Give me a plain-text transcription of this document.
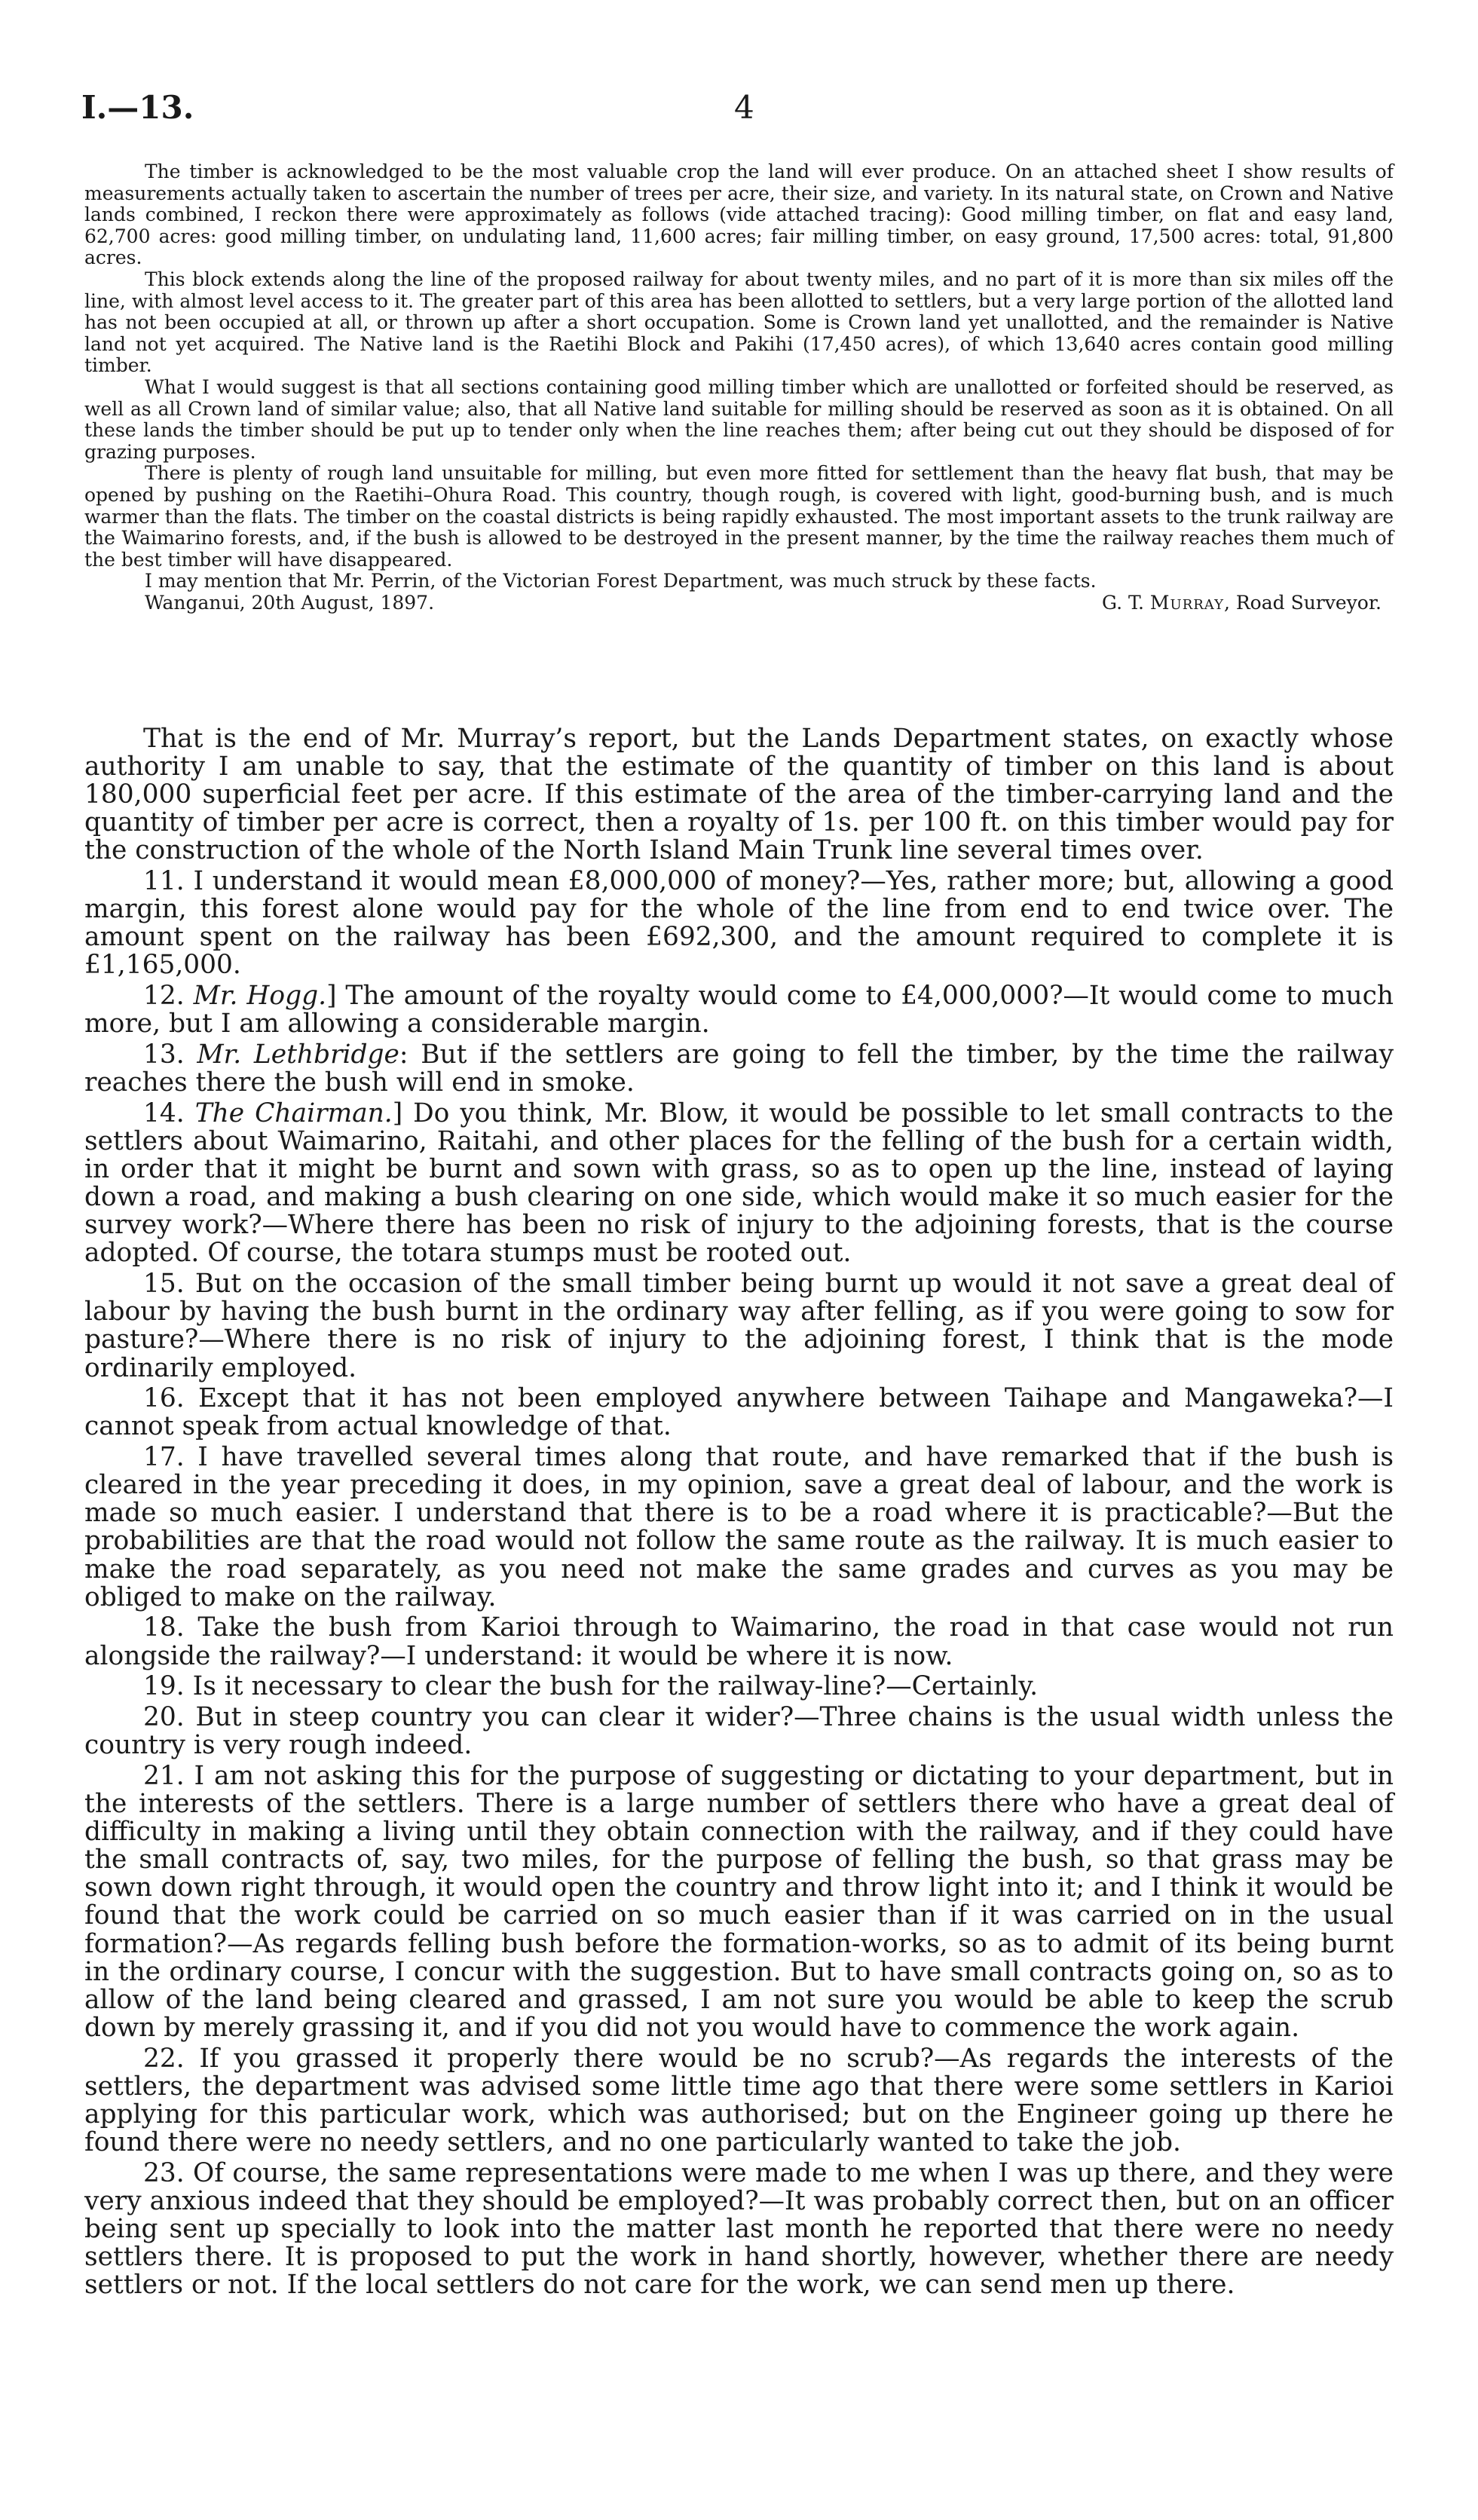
I.—13.	4

The timber is acknowledged to be the most valuable crop the land will ever produce. On an attached sheet I show results of measurements actually taken to ascertain the number of trees per acre, their size, and variety. In its natural state, on Crown and Native lands combined, I reckon there were approximately as follows (vide attached tracing): Good milling timber, on flat and easy land, 62,700 acres: good milling timber, on undulating land, 11,600 acres; fair milling timber, on easy ground, 17,500 acres: total, 91,800 acres.

This block extends along the line of the proposed railway for about twenty miles, and no part of it is more than six miles off the line, with almost level access to it. The greater part of this area has been allotted to settlers, but a very large portion of the allotted land has not been occupied at all, or thrown up after a short occupation. Some is Crown land yet unallotted, and the remainder is Native land not yet acquired. The Native land is the Raetihi Block and Pakihi (17,450 acres), of which 13,640 acres contain good milling timber.

What I would suggest is that all sections containing good milling timber which are unallotted or forfeited should be reserved, as well as all Crown land of similar value; also, that all Native land suitable for milling should be reserved as soon as it is obtained. On all these lands the timber should be put up to tender only when the line reaches them; after being cut out they should be disposed of for grazing purposes.

There is plenty of rough land unsuitable for milling, but even more fitted for settlement than the heavy flat bush, that may be opened by pushing on the Raetihi–Ohura Road. This country, though rough, is covered with light, good-burning bush, and is much warmer than the flats. The timber on the coastal districts is being rapidly exhausted. The most important assets to the trunk railway are the Waimarino forests, and, if the bush is allowed to be destroyed in the present manner, by the time the railway reaches them much of the best timber will have disappeared.

I may mention that Mr. Perrin, of the Victorian Forest Department, was much struck by these facts.

Wanganui, 20th August, 1897.	G. T. Murray, Road Surveyor.

That is the end of Mr. Murray’s report, but the Lands Department states, on exactly whose authority I am unable to say, that the estimate of the quantity of timber on this land is about 180,000 superficial feet per acre. If this estimate of the area of the timber-carrying land and the quantity of timber per acre is correct, then a royalty of 1s. per 100 ft. on this timber would pay for the construction of the whole of the North Island Main Trunk line several times over.

11. I understand it would mean £8,000,000 of money?—Yes, rather more; but, allowing a good margin, this forest alone would pay for the whole of the line from end to end twice over. The amount spent on the railway has been £692,300, and the amount required to complete it is £1,165,000.

12. Mr. Hogg.] The amount of the royalty would come to £4,000,000?—It would come to much more, but I am allowing a considerable margin.

13. Mr. Lethbridge: But if the settlers are going to fell the timber, by the time the railway reaches there the bush will end in smoke.

14. The Chairman.] Do you think, Mr. Blow, it would be possible to let small contracts to the settlers about Waimarino, Raitahi, and other places for the felling of the bush for a certain width, in order that it might be burnt and sown with grass, so as to open up the line, instead of laying down a road, and making a bush clearing on one side, which would make it so much easier for the survey work?—Where there has been no risk of injury to the adjoining forests, that is the course adopted. Of course, the totara stumps must be rooted out.

15. But on the occasion of the small timber being burnt up would it not save a great deal of labour by having the bush burnt in the ordinary way after felling, as if you were going to sow for pasture?—Where there is no risk of injury to the adjoining forest, I think that is the mode ordinarily employed.

16. Except that it has not been employed anywhere between Taihape and Mangaweka?—I cannot speak from actual knowledge of that.

17. I have travelled several times along that route, and have remarked that if the bush is cleared in the year preceding it does, in my opinion, save a great deal of labour, and the work is made so much easier. I understand that there is to be a road where it is practicable?—But the probabilities are that the road would not follow the same route as the railway. It is much easier to make the road separately, as you need not make the same grades and curves as you may be obliged to make on the railway.

18. Take the bush from Karioi through to Waimarino, the road in that case would not run alongside the railway?—I understand: it would be where it is now.

19. Is it necessary to clear the bush for the railway-line?—Certainly.

20. But in steep country you can clear it wider?—Three chains is the usual width unless the country is very rough indeed.

21. I am not asking this for the purpose of suggesting or dictating to your department, but in the interests of the settlers. There is a large number of settlers there who have a great deal of difficulty in making a living until they obtain connection with the railway, and if they could have the small contracts of, say, two miles, for the purpose of felling the bush, so that grass may be sown down right through, it would open the country and throw light into it; and I think it would be found that the work could be carried on so much easier than if it was carried on in the usual formation?—As regards felling bush before the formation-works, so as to admit of its being burnt in the ordinary course, I concur with the suggestion. But to have small contracts going on, so as to allow of the land being cleared and grassed, I am not sure you would be able to keep the scrub down by merely grassing it, and if you did not you would have to commence the work again.

22. If you grassed it properly there would be no scrub?—As regards the interests of the settlers, the department was advised some little time ago that there were some settlers in Karioi applying for this particular work, which was authorised; but on the Engineer going up there he found there were no needy settlers, and no one particularly wanted to take the job.

23. Of course, the same representations were made to me when I was up there, and they were very anxious indeed that they should be employed?—It was probably correct then, but on an officer being sent up specially to look into the matter last month he reported that there were no needy settlers there. It is proposed to put the work in hand shortly, however, whether there are needy settlers or not. If the local settlers do not care for the work, we can send men up there.
